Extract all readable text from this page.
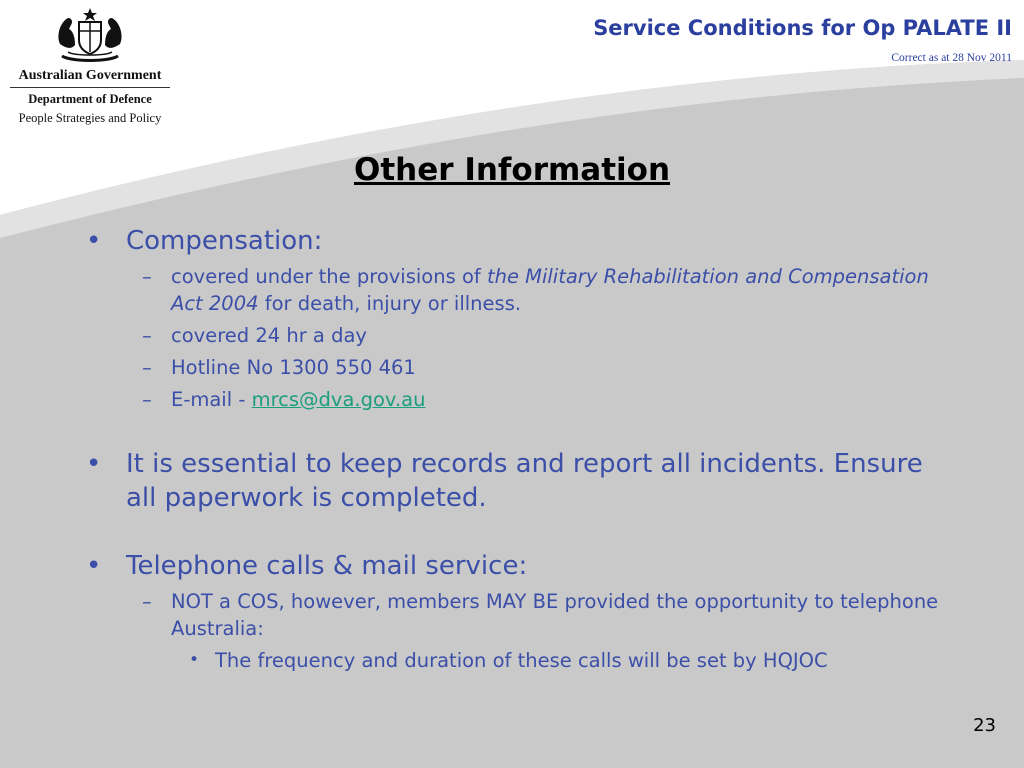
Australian Government
Department of Defence
People Strategies and Policy
Service Conditions for Op PALATE II
Correct as at 28 Nov 2011
Other Information
• Compensation:
– covered under the provisions of the Military Rehabilitation and Compensation Act 2004 for death, injury or illness.
– covered 24 hr a day
– Hotline No 1300 550 461
– E-mail - mrcs@dva.gov.au
• It is essential to keep records and report all incidents. Ensure all paperwork is completed.
• Telephone calls & mail service:
– NOT a COS, however, members MAY BE provided the opportunity to telephone Australia:
• The frequency and duration of these calls will be set by HQJOC
23
